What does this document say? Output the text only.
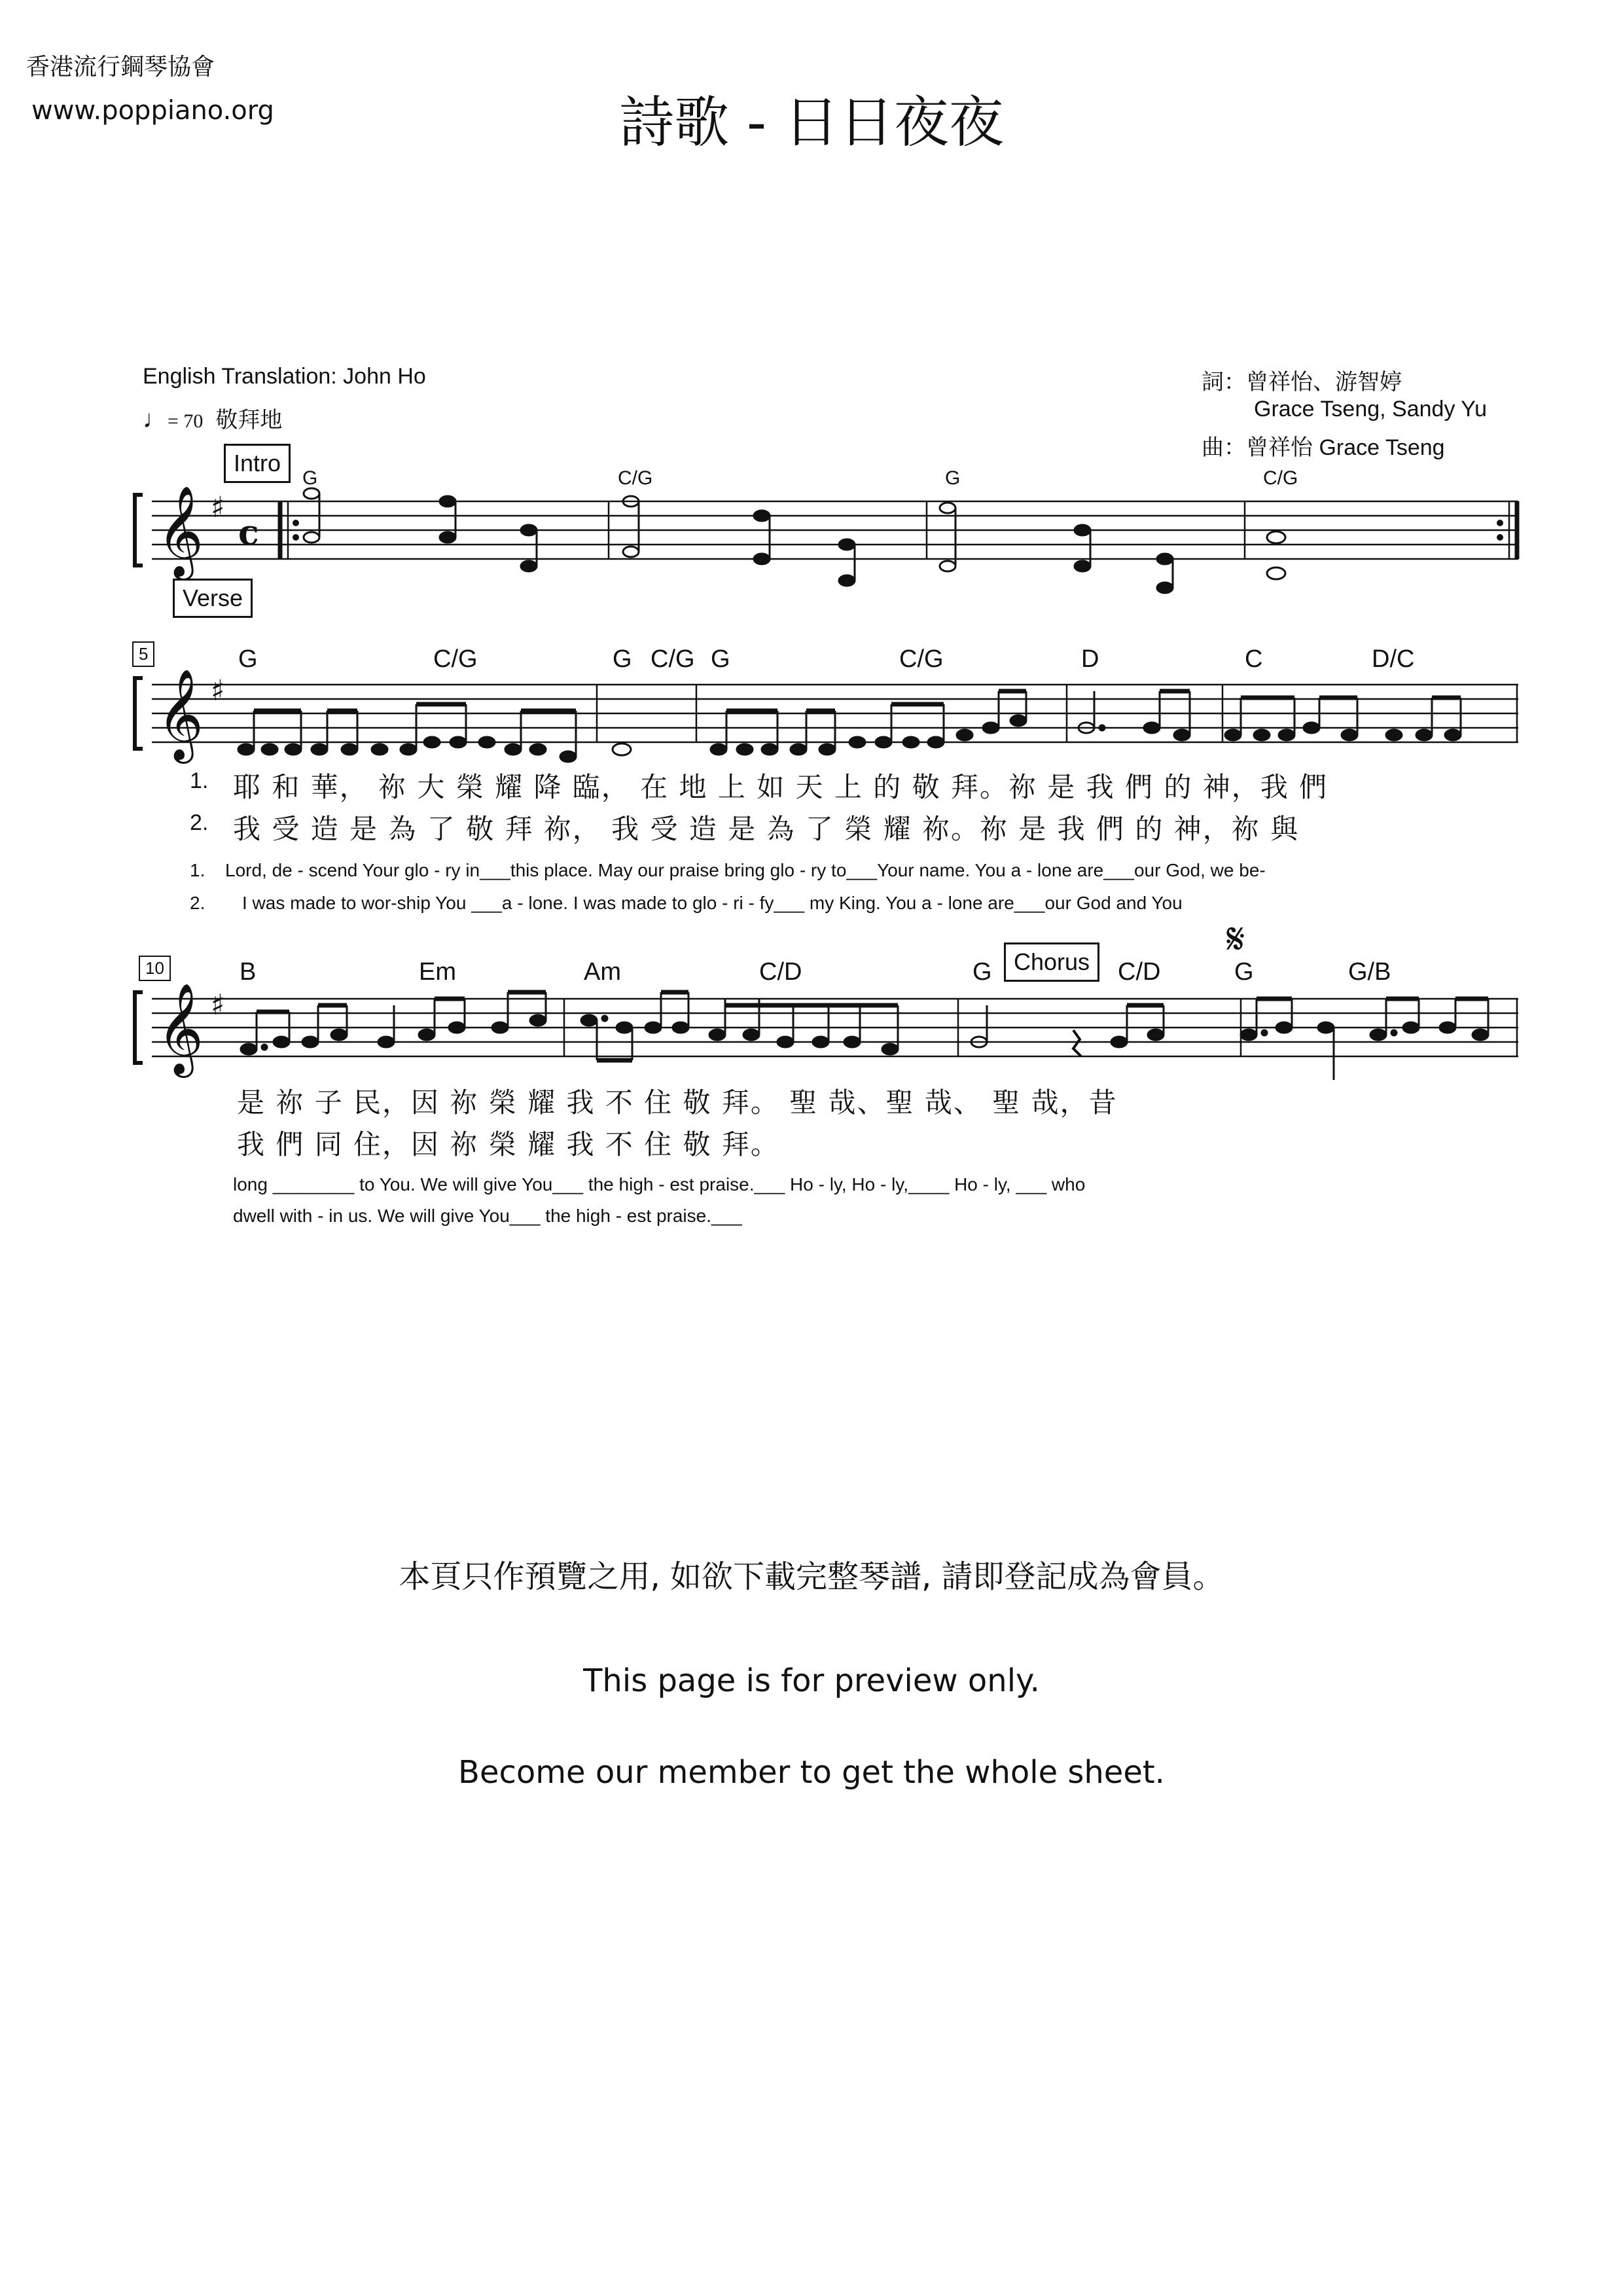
香港流行鋼琴協會
www.poppiano.org	詩歌 - 日日夜夜
English Translation: John Ho
♩= 70 敬拜地
詞：曾祥怡、游智婷
Grace Tseng, Sandy Yu
曲：曾祥怡 Grace Tseng
Intro
G	C/G	G	C/G
𝄞 ♯
c
Verse
5	G	C/G	G C/G G	C/G	D	C	D/C
𝄞 ♯
1. 耶 和 華， 祢 大 榮 耀 降 臨， 在 地 上 如 天 上 的 敬 拜。祢 是 我 們 的 神，我 們
2. 我 受 造 是 為 了 敬 拜 祢， 我 受 造 是 為 了 榮 耀 祢。祢 是 我 們 的 神，祢 與
1. Lord, de - scend Your glo - ry in___this place. May our praise bring glo - ry to___Your name. You a - lone are___our God, we be-
2. I was made to wor-ship You ___a - lone. I was made to glo - ri - fy___ my King. You a - lone are___our God and You
10	B	Em	Am	C/D	G Chorus	C/D
𝄋
G	G/B
𝄞 ♯
是 祢 子 民，因 祢 榮 耀 我 不 住 敬 拜。 聖 哉、聖 哉、 聖 哉，昔
我 們 同 住，因 祢 榮 耀 我 不 住 敬 拜。
long ________ to You. We will give You___ the high - est praise.___ Ho - ly, Ho - ly,____ Ho - ly, ___ who
dwell with - in us. We will give You___ the high - est praise.___
本頁只作預覽之用, 如欲下載完整琴譜, 請即登記成為會員。
This page is for preview only.
Become our member to get the whole sheet.
